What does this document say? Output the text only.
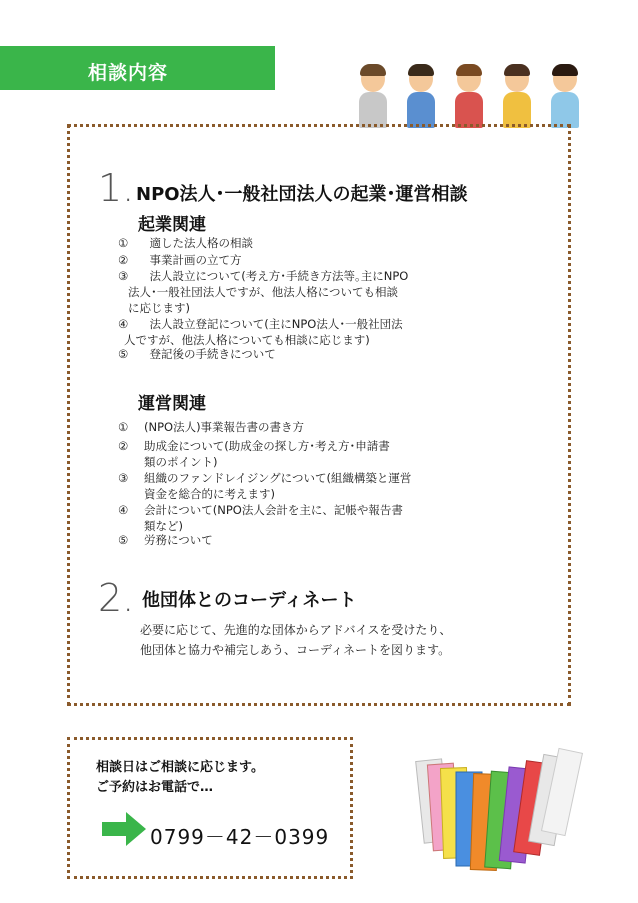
相談内容
1. NPO法人･一般社団法人の起業･運営相談
起業関連
① 　適した法人格の相談
② 　事業計画の立て方
③ 　法人設立について(考え方･手続き方法等｡主にNPO
法人･一般社団法人ですが、他法人格についても相談
に応じます)
④ 　法人設立登記について(主にNPO法人･一般社団法
人ですが、他法人格についても相談に応じます)
⑤ 　登記後の手続きについて
運営関連
①	(NPO法人)事業報告書の書き方
②	助成金について(助成金の探し方･考え方･申請書
類のポイント)
③	組織のファンドレイジングについて(組織構築と運営
資金を総合的に考えます)
④	会計について(NPO法人会計を主に、記帳や報告書
類など)
⑤	労務について
2. 他団体とのコーディネート
必要に応じて、先進的な団体からアドバイスを受けたり、
他団体と協力や補完しあう、コーディネートを図ります。
相談日はご相談に応じます。
ご予約はお電話で…
0799－42－0399
